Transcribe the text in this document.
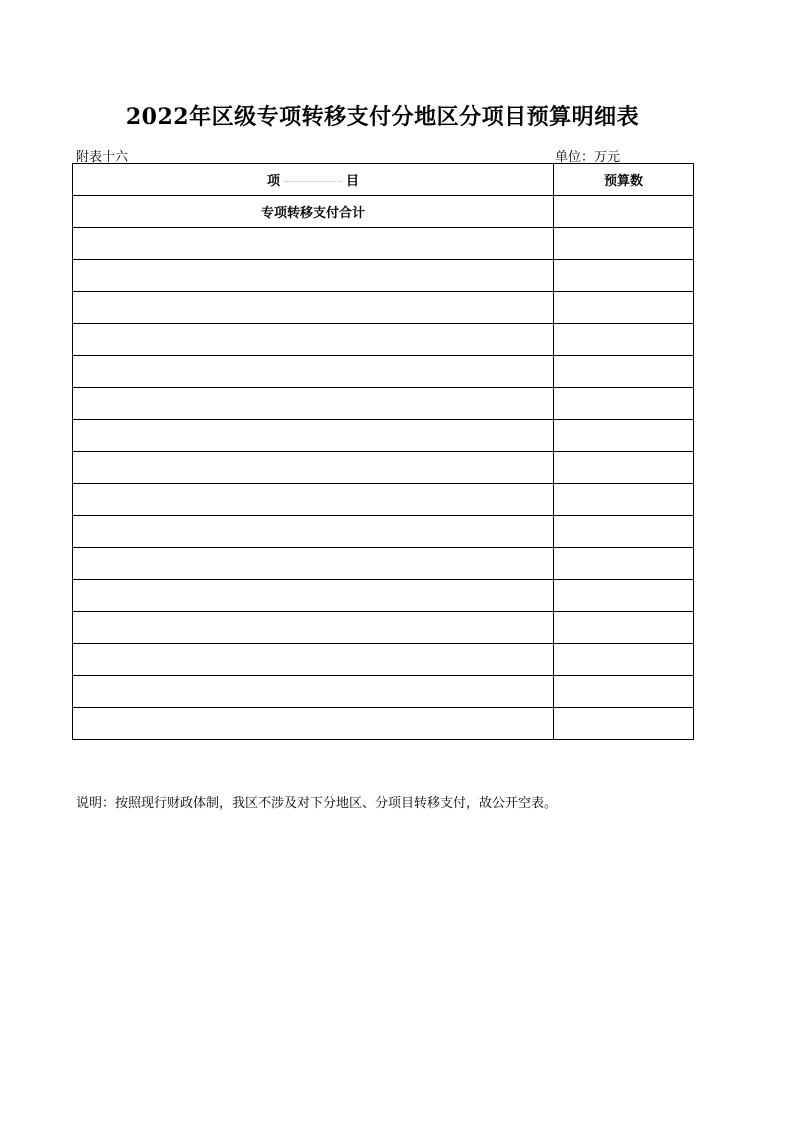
2022年区级专项转移支付分地区分项目预算明细表
附表十六	单位：万元
项 目	预算数
专项转移支付合计	

说明：按照现行财政体制，我区不涉及对下分地区、分项目转移支付，故公开空表。
